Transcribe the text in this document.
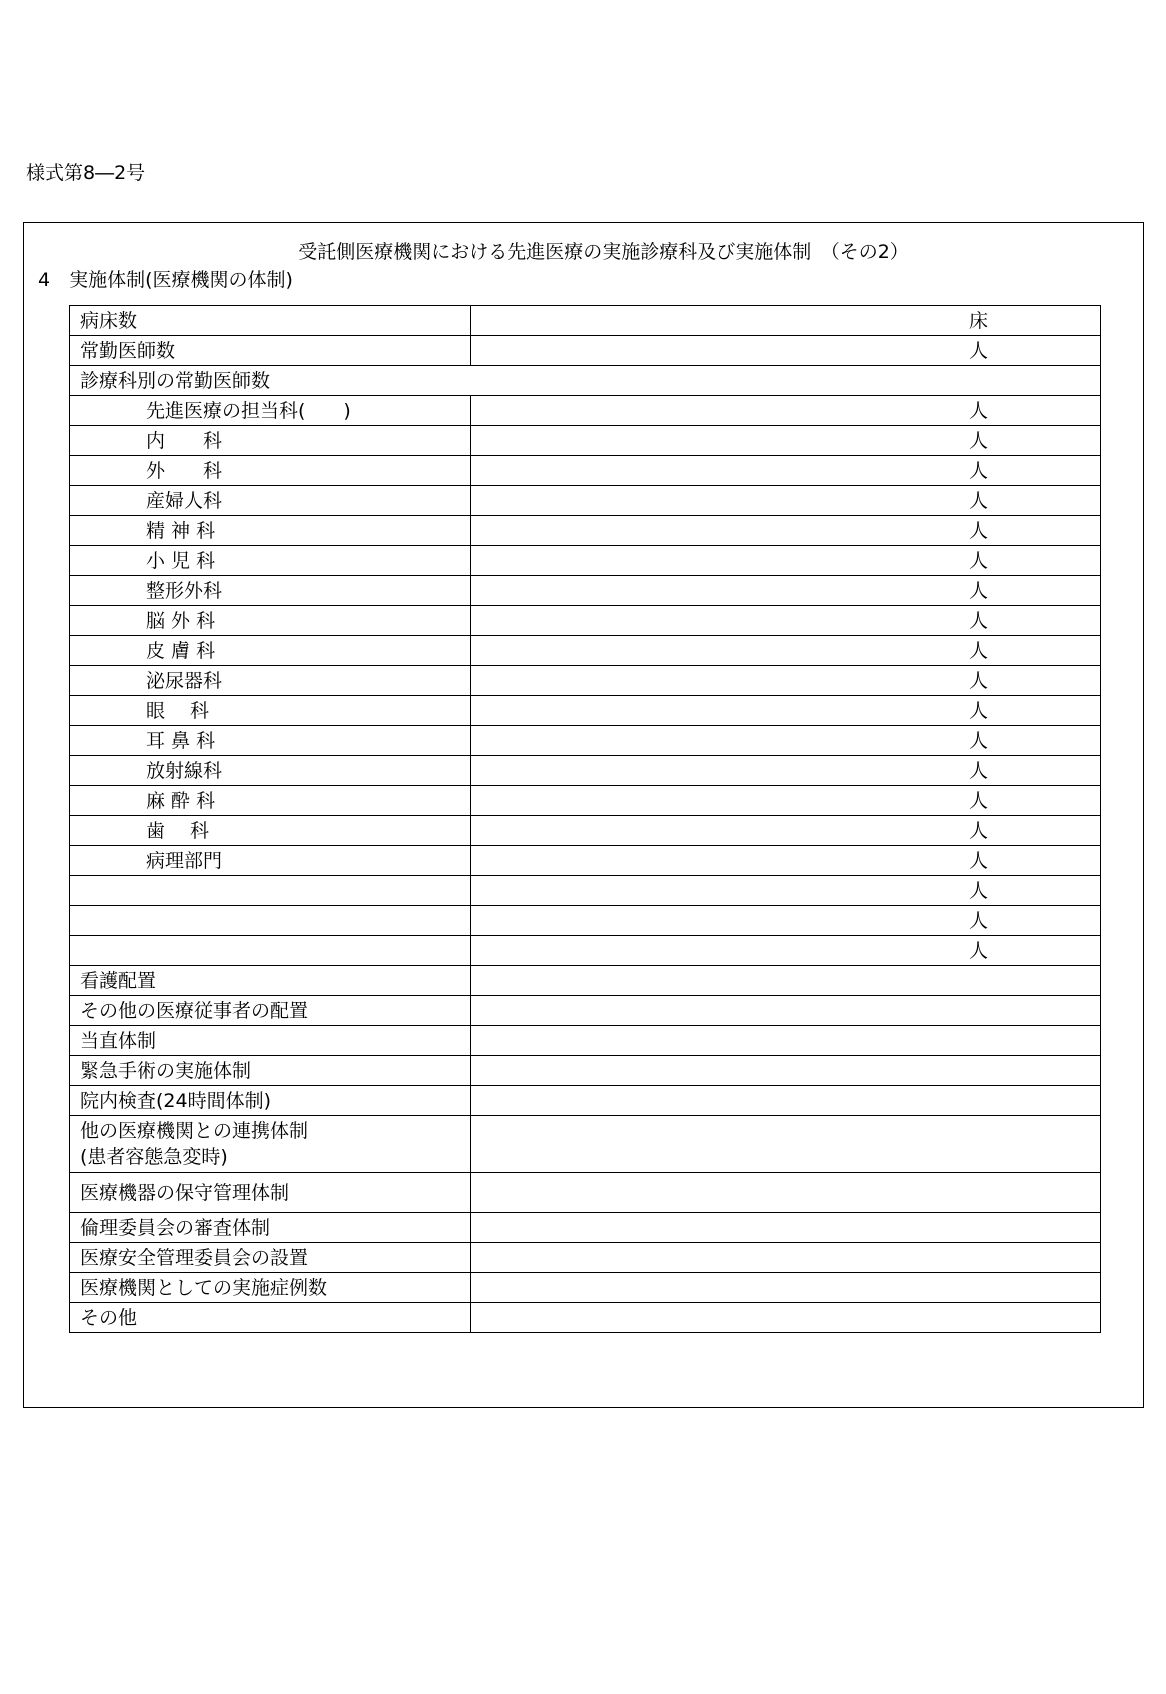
様式第8―2号
受託側医療機関における先進医療の実施診療科及び実施体制　（その2）
4　実施体制(医療機関の体制)
病床数	床
常勤医師数	人
診療科別の常勤医師数	
先進医療の担当科(　　)	人
内　　科	人
外　　科	人
産婦人科	人
精 神 科	人
小 児 科	人
整形外科	人
脳 外 科	人
皮 膚 科	人
泌尿器科	人
眼　 科	人
耳 鼻 科	人
放射線科	人
麻 酔 科	人
歯　 科	人
病理部門	人
	人
	人
	人
看護配置	
その他の医療従事者の配置	
当直体制	
緊急手術の実施体制	
院内検査(24時間体制)	
他の医療機関との連携体制
(患者容態急変時)	
医療機器の保守管理体制	
倫理委員会の審査体制	
医療安全管理委員会の設置	
医療機関としての実施症例数	
その他	
